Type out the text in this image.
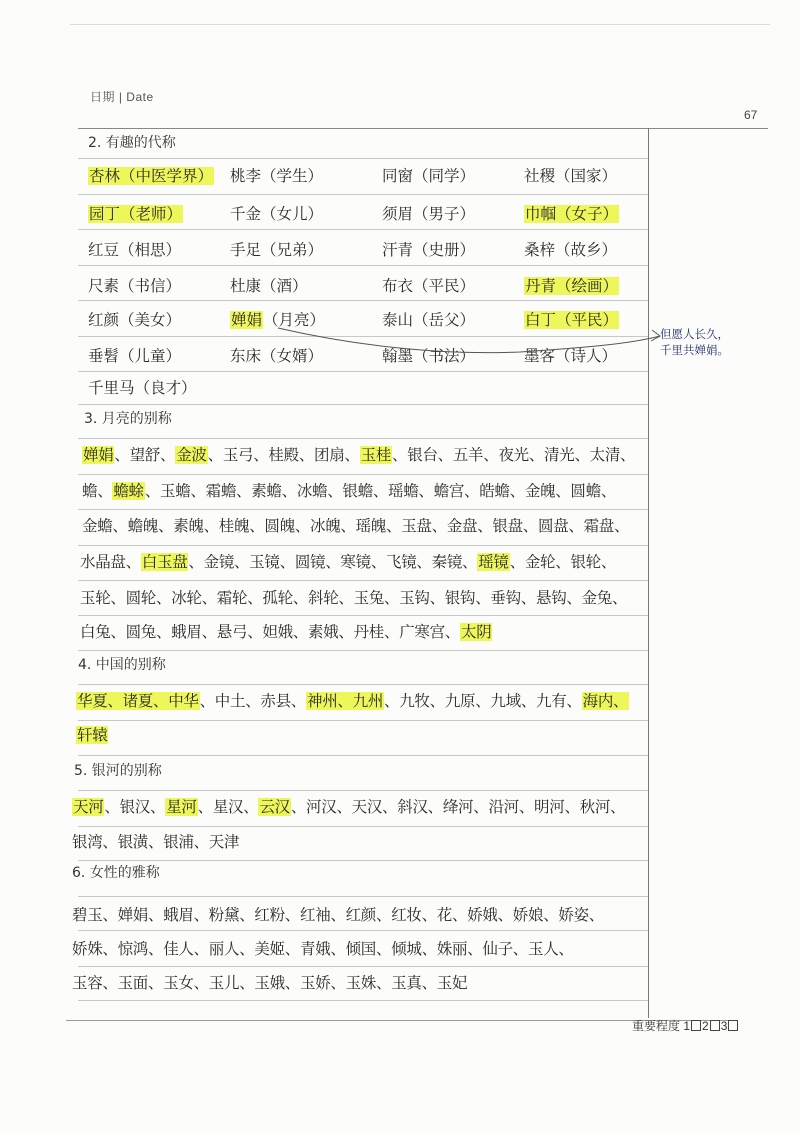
日期 | Date
67
2. 有趣的代称
杏林（中医学界） 桃李（学生）	同窗（同学）	社稷（国家）
园丁（老师）	千金（女儿）	须眉（男子）	巾帼（女子）
红豆（相思）	手足（兄弟）	汗青（史册）	桑梓（故乡）
尺素（书信）	杜康（酒）	布衣（平民）	丹青（绘画）
红颜（美女）	婵娟（月亮）	泰山（岳父）	白丁（平民）
垂髫（儿童）	东床（女婿）	翰墨（书法）	墨客（诗人）
千里马（良才）
但愿人长久，
千里共婵娟。
3. 月亮的别称
婵娟、望舒、金波、玉弓、桂殿、团扇、玉桂、银台、五羊、夜光、清光、太清、
蟾、蟾蜍、玉蟾、霜蟾、素蟾、冰蟾、银蟾、瑶蟾、蟾宫、皓蟾、金魄、圆蟾、
金蟾、蟾魄、素魄、桂魄、圆魄、冰魄、瑶魄、玉盘、金盘、银盘、圆盘、霜盘、
水晶盘、白玉盘、金镜、玉镜、圆镜、寒镜、飞镜、秦镜、瑶镜、金轮、银轮、
玉轮、圆轮、冰轮、霜轮、孤轮、斜轮、玉兔、玉钩、银钩、垂钩、悬钩、金兔、
白兔、圆兔、蛾眉、悬弓、妲娥、素娥、丹桂、广寒宫、太阴
4. 中国的别称
华夏、诸夏、中华、中土、赤县、神州、九州、九牧、九原、九域、九有、海内、
轩辕
5. 银河的别称
天河、银汉、星河、星汉、云汉、河汉、天汉、斜汉、绛河、沿河、明河、秋河、
银湾、银潢、银浦、天津
6. 女性的雅称
碧玉、婵娟、蛾眉、粉黛、红粉、红袖、红颜、红妆、花、娇娥、娇娘、娇姿、
娇姝、惊鸿、佳人、丽人、美姬、青娥、倾国、倾城、姝丽、仙子、玉人、
玉容、玉面、玉女、玉儿、玉娥、玉娇、玉姝、玉真、玉妃
重要程度 1 2 3
